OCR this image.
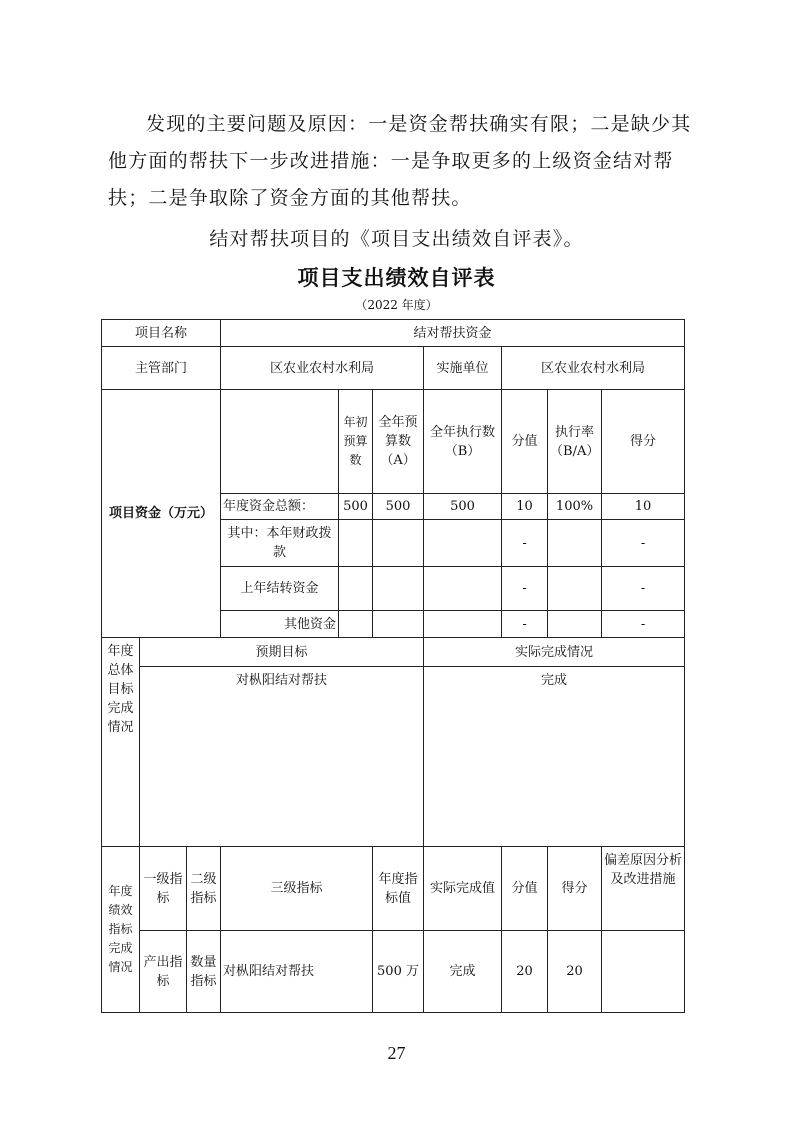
发现的主要问题及原因：一是资金帮扶确实有限；二是缺少其他方面的帮扶下一步改进措施：一是争取更多的上级资金结对帮扶；二是争取除了资金方面的其他帮扶。
结对帮扶项目的《项目支出绩效自评表》。
项目支出绩效自评表
（2022 年度）
项目名称			结对帮扶资金						
主管部门			区农业农村水利局			实施单位	区农业农村水利局		

项目资金（万元）				年初预算数	全年预算数（A）	全年执行数（B）	分值	执行率（B/A）	得分
			年度资金总额：	500	500	500	10	100%	10
			其中：本年财政拨款				-		-
			上年结转资金				-		-
			其他资金				-		-
年度总体目标完成情况	预期目标					实际完成情况			
	对枞阳结对帮扶					完成			
年度绩效指标完成情况	一级指标	二级指标	三级指标		年度指标值	实际完成值	分值	得分	偏差原因分析及改进措施
	产出指标	数量指标	对枞阳结对帮扶		500 万	完成	20	20	
27
